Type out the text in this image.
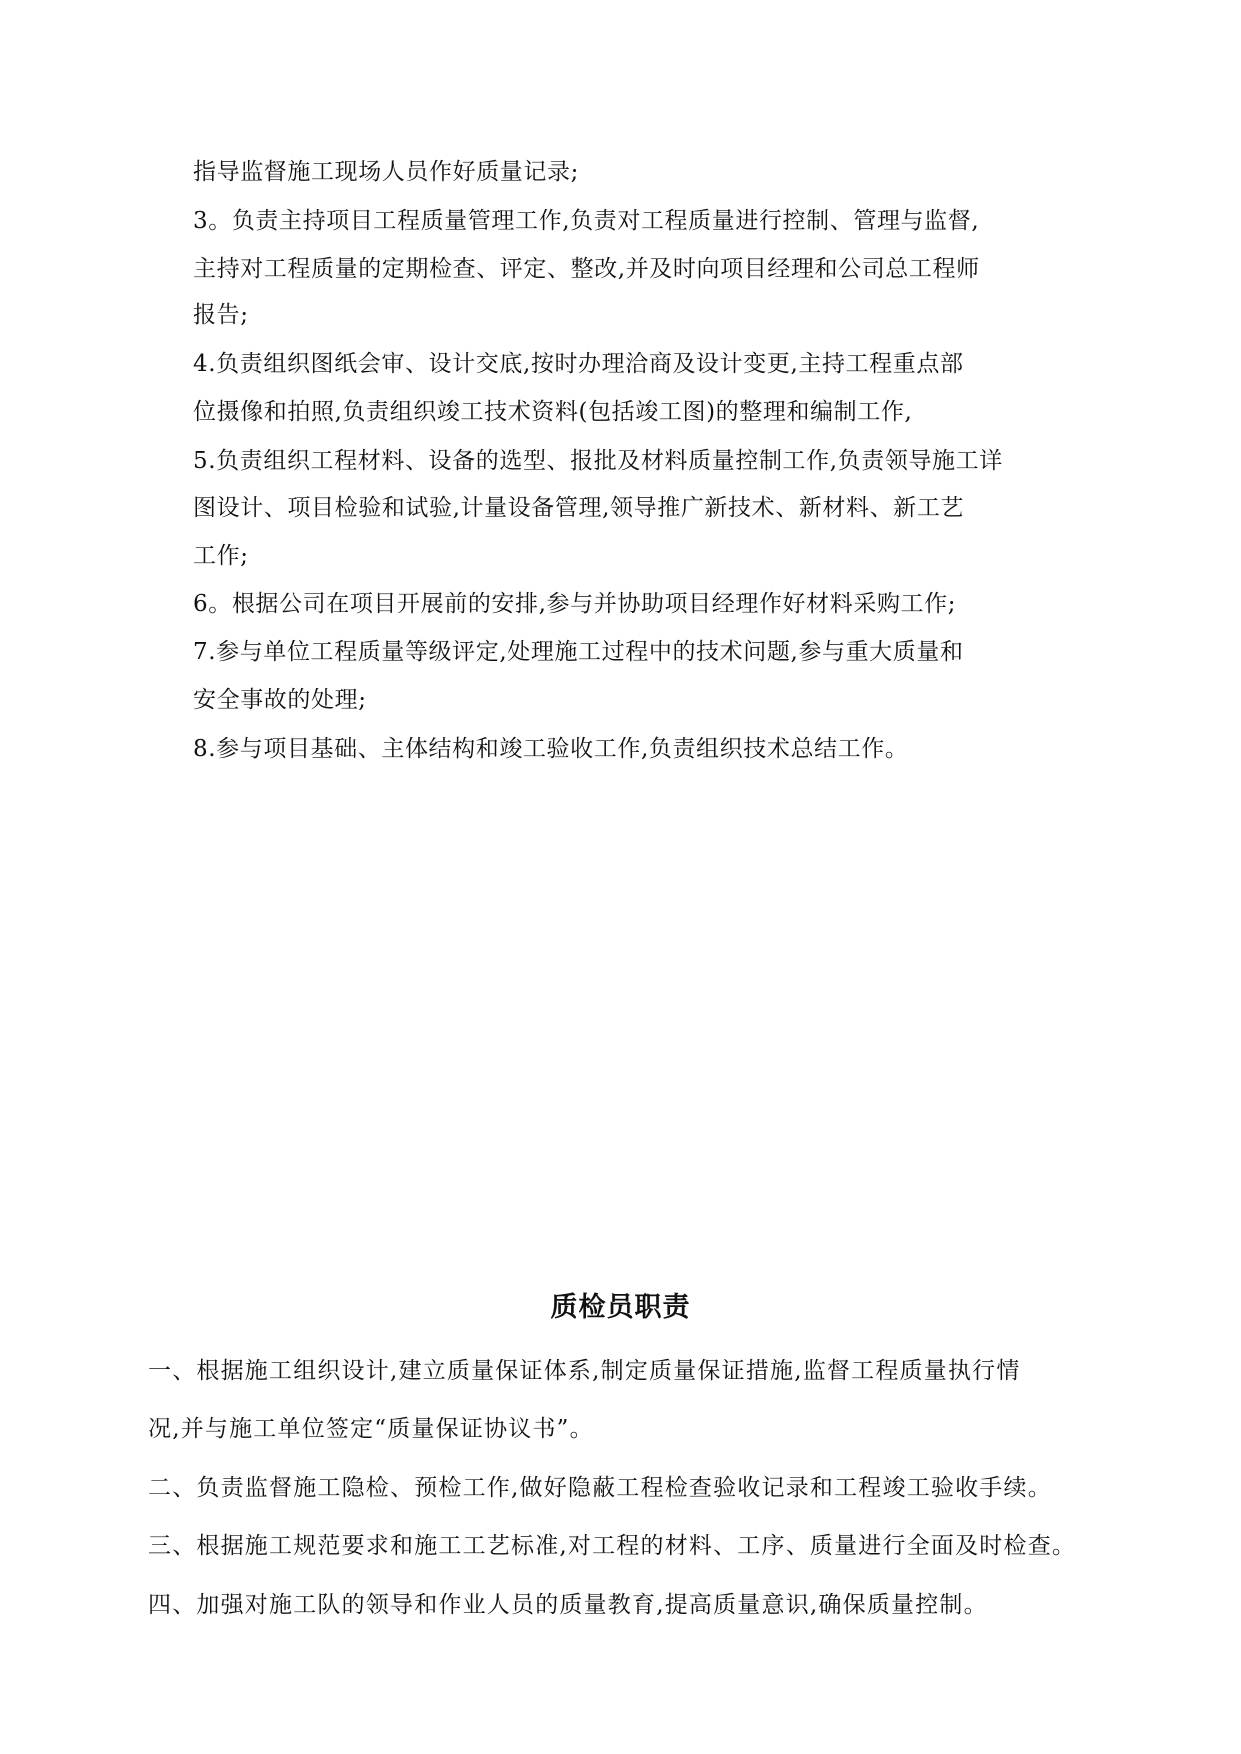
指导监督施工现场人员作好质量记录;
3。负责主持项目工程质量管理工作,负责对工程质量进行控制、管理与监督,
主持对工程质量的定期检查、评定、整改,并及时向项目经理和公司总工程师
报告;
4.负责组织图纸会审、设计交底,按时办理洽商及设计变更,主持工程重点部
位摄像和拍照,负责组织竣工技术资料(包括竣工图)的整理和编制工作,
5.负责组织工程材料、设备的选型、报批及材料质量控制工作,负责领导施工详
图设计、项目检验和试验,计量设备管理,领导推广新技术、新材料、新工艺
工作;
6。根据公司在项目开展前的安排,参与并协助项目经理作好材料采购工作;
7.参与单位工程质量等级评定,处理施工过程中的技术问题,参与重大质量和
安全事故的处理;
8.参与项目基础、主体结构和竣工验收工作,负责组织技术总结工作。
质检员职责
一、根据施工组织设计,建立质量保证体系,制定质量保证措施,监督工程质量执行情
况,并与施工单位签定“质量保证协议书”。
二、负责监督施工隐检、预检工作,做好隐蔽工程检查验收记录和工程竣工验收手续。
三、根据施工规范要求和施工工艺标准,对工程的材料、工序、质量进行全面及时检查。
四、加强对施工队的领导和作业人员的质量教育,提高质量意识,确保质量控制。
